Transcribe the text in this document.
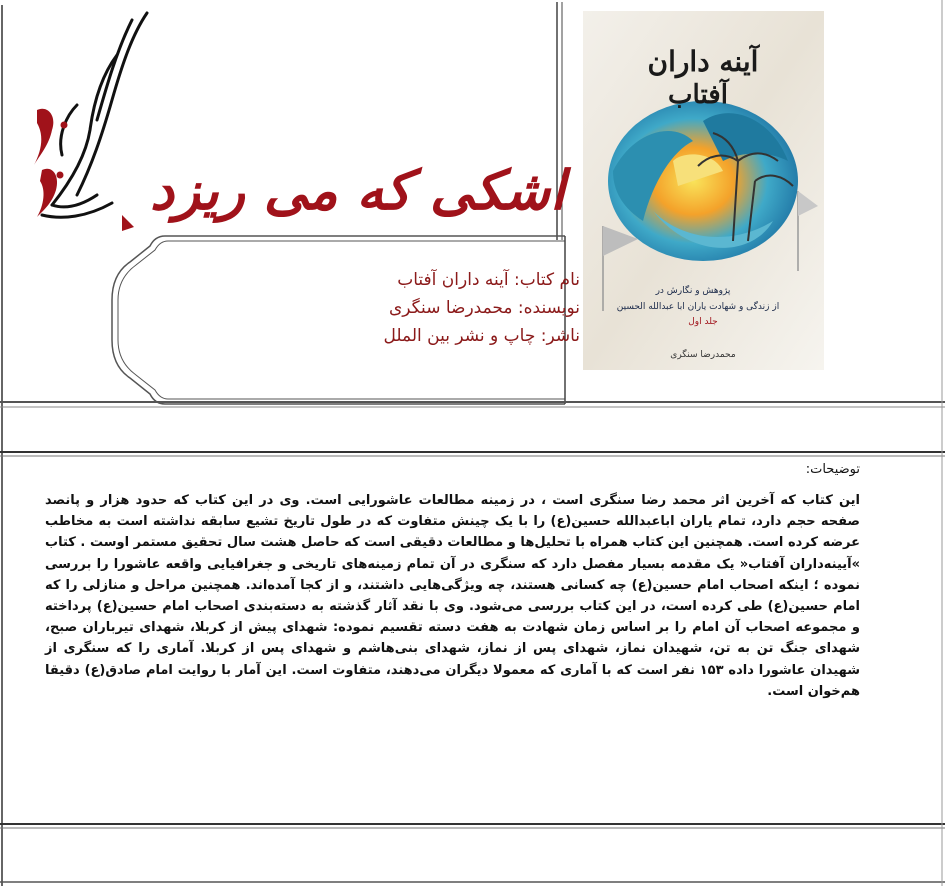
اشکی که می ریزد
آینه داران
آفتاب
پژوهش و نگارش در
از زندگی و شهادت یاران ابا عبدالله الحسین
جلد اول
محمدرضا سنگری
نام کتاب: آینه داران آفتاب
نویسنده: محمدرضا سنگری
ناشر: چاپ و نشر بین الملل
توضیحات:
این کتاب که آخرین اثر محمد رضا سنگری است ، در زمینه مطالعات عاشورایی است. وی در این کتاب که حدود هزار و پانصد صفحه حجم دارد، تمام یاران اباعبدالله حسین(ع) را با یک چینش متفاوت که در طول تاریخ تشیع سابقه نداشته است به مخاطب عرضه کرده است. همچنین این کتاب همراه با تحلیل‌ها و مطالعات دقیقی است که حاصل هشت سال تحقیق مستمر اوست . کتاب »آیینه‌داران آفتاب« یک مقدمه بسیار مفصل دارد که سنگری در آن تمام زمینه‌های تاریخی و جغرافیایی واقعه عاشورا را بررسی نموده ؛ اینکه اصحاب امام حسین(ع) چه کسانی هستند، چه ویژگی‌هایی داشتند، و از کجا آمده‌اند. همچنین مراحل و منازلی را که امام حسین(ع) طی کرده است، در این کتاب بررسی می‌شود. وی با نقد آثار گذشته به دسته‌بندی اصحاب امام حسین(ع) پرداخته و مجموعه اصحاب آن امام را بر اساس زمان شهادت به هفت دسته تقسیم نموده: شهدای پیش از کربلا، شهدای تیرباران صبح، شهدای جنگ تن به تن، شهیدان نماز، شهدای پس از نماز، شهدای بنی‌هاشم و شهدای پس از کربلا. آماری را که سنگری از شهیدان عاشورا داده ۱۵۳ نفر است که با آماری که معمولا دیگران می‌دهند، متفاوت است. این آمار با روایت امام صادق(ع) دقیقا هم‌خوان است.
